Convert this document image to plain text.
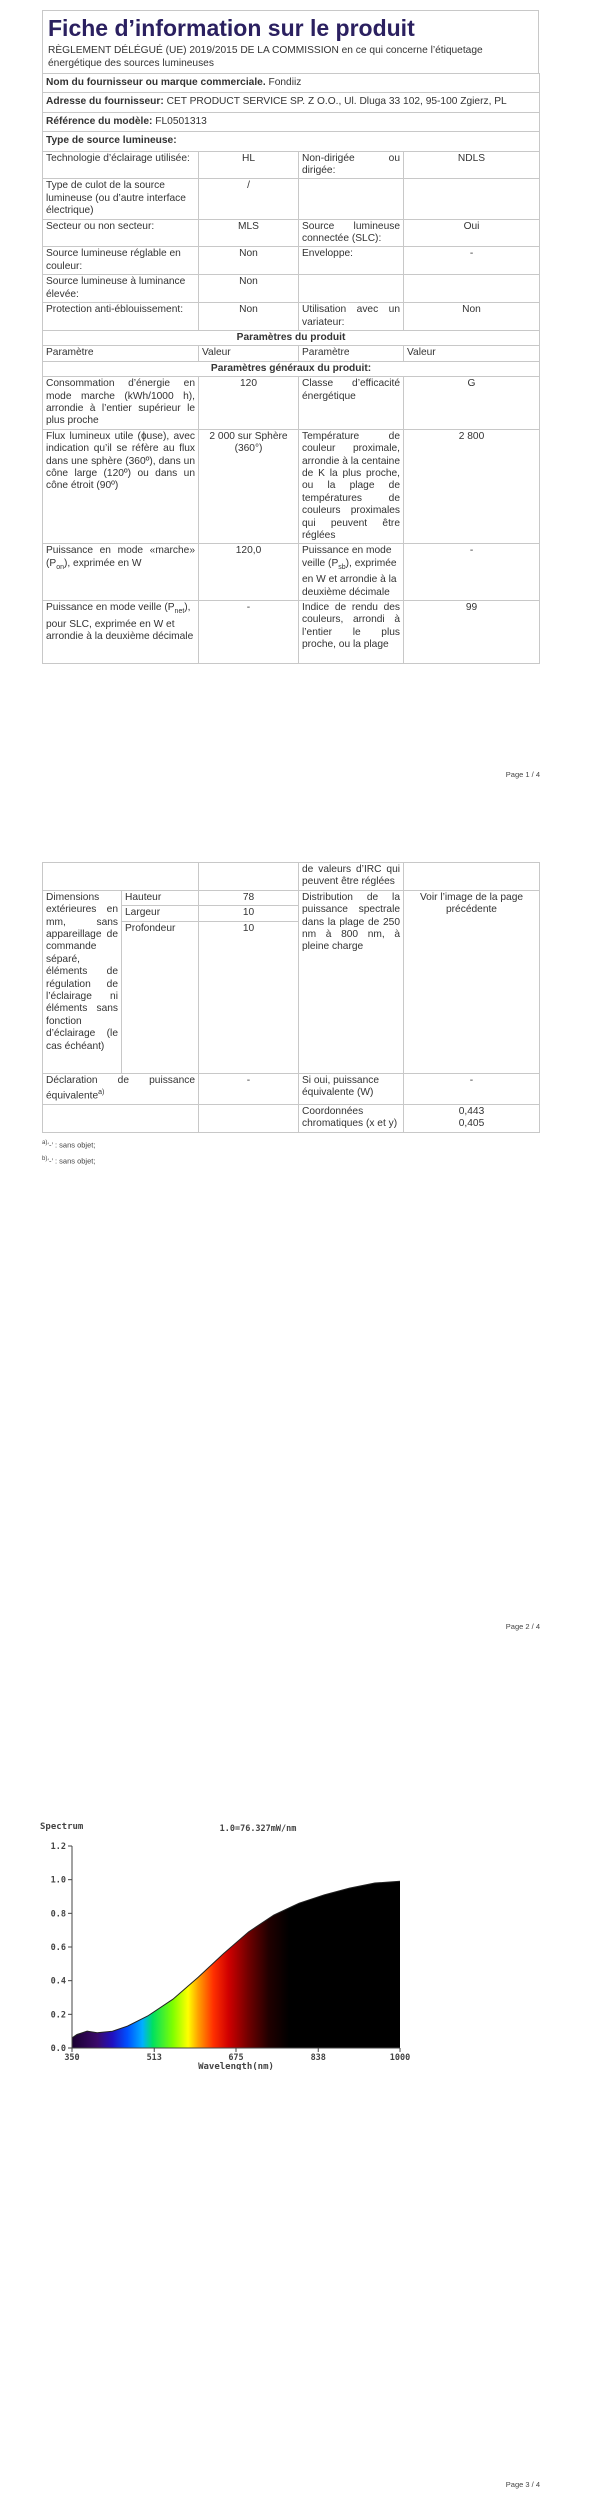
Fiche d’information sur le produit
RÈGLEMENT DÉLÉGUÉ (UE) 2019/2015 DE LA COMMISSION en ce qui concerne l’étiquetage énergétique des sources lumineuses
Nom du fournisseur ou marque commerciale. Fondiiz			
Adresse du fournisseur: CET PRODUCT SERVICE SP. Z O.O., Ul. Dluga 33 102, 95-100 Zgierz, PL			
Référence du modèle: FL0501313			
Type de source lumineuse:			
Technologie d’éclairage utilisée:	HL	Non-dirigée ou dirigée:	NDLS
Type de culot de la source lumineuse (ou d’autre interface électrique)	/		
Secteur ou non secteur:	MLS	Source lumineuse connectée (SLC):	Oui
Source lumineuse réglable en couleur:	Non	Enveloppe:	-
Source lumineuse à luminance élevée:	Non		
Protection anti-éblouissement:	Non	Utilisation avec un variateur:	Non
Paramètres du produit			
Paramètre	Valeur	Paramètre	Valeur
Paramètres généraux du produit:			
Consommation d’énergie en mode marche (kWh/1000 h), arrondie à l’entier supérieur le plus proche	120	Classe d’efficacité énergétique	G
Flux lumineux utile (ɸuse), avec indication qu’il se réfère au flux dans une sphère (360º), dans un cône large (120º) ou dans un cône étroit (90º)	2 000 sur Sphère (360°)	Température de couleur proximale, arrondie à la centaine de K la plus proche, ou la plage de températures de couleurs proximales qui peuvent être réglées	2 800
Puissance en mode «marche» $(P_{on})$, exprimée en W	120,0	Puissance en mode veille $(P_{sb})$, exprimée en W et arrondie à la deuxième décimale	-
Puissance en mode veille $(P_{net})$, pour SLC, exprimée en W et arrondie à la deuxième décimale	-	Indice de rendu des couleurs, arrondi à l’entier le plus proche, ou la plage	99
Page 1 / 4
			de valeurs d’IRC qui peuvent être réglées	
Dimensions extérieures en mm, sans appareillage de commande séparé, éléments de régulation de l’éclairage ni éléments sans fonction d’éclairage (le cas échéant)	Hauteur	78	Distribution de la puissance spectrale dans la plage de 250 nm à 800 nm, à pleine charge	Voir l’image de la page précédente
	Largeur	10		
	Profondeur	10		
Déclaration de puissance équivalente$^{a)}$		-	Si oui, puissance équivalente (W)	-
			Coordonnées chromatiques (x et y)	0,443
0,405
$^{a)}$‘-’ : sans objet;
$^{b)}$‘-’ : sans objet;
Page 2 / 4
Spectrum	1.0=76.327mW/nm
0.0
0.2
0.4
0.6
0.8
1.0
1.2
350	513	675	838	1000
Wavelength(nm)
Page 3 / 4
